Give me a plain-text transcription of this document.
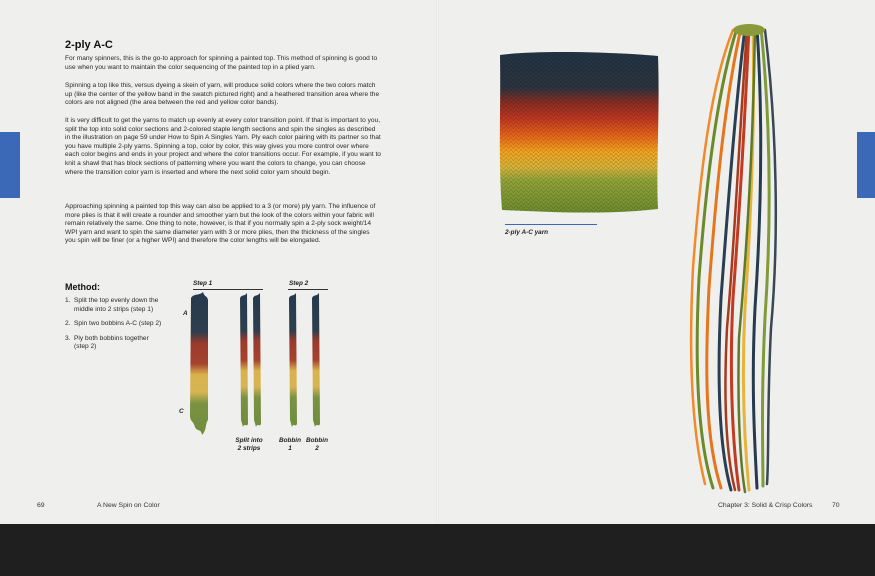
2-ply A-C

For many spinners, this is the go-to approach for spinning a painted top. This method of spinning is good to use when you want to maintain the color sequencing of the painted top in a plied yarn.

Spinning a top like this, versus dyeing a skein of yarn, will produce solid colors where the two colors match up (like the center of the yellow band in the swatch pictured right) and a heathered transition area where the colors are not aligned (the area between the red and yellow color bands).

It is very difficult to get the yarns to match up evenly at every color transition point. If that is important to you, split the top into solid color sections and 2-colored staple length sections and spin the singles as described in the illustration on page 59 under How to Spin A Singles Yarn. Ply each color pairing with its partner so that you have multiple 2-ply yarns. Spinning a top, color by color, this way gives you more control over where each color begins and ends in your project and where the color transitions occur. For example, if you want to knit a shawl that has block sections of patterning where you want the colors to change, you can choose where the transition color yarn is inserted and where the next solid color yarn should begin.

Approaching spinning a painted top this way can also be applied to a 3 (or more) ply yarn. The influence of more plies is that it will create a rounder and smoother yarn but the look of the colors within your fabric will remain relatively the same. One thing to note, however, is that if you normally spin a 2-ply sock weight/14 WPI yarn and want to spin the same diameter yarn with 3 or more plies, then the thickness of the singles you spin will be finer (or a higher WPI) and therefore the color lengths will be elongated.

Method:
1. Split the top evenly down the middle into 2 strips (step 1)
2. Spin two bobbins A-C (step 2)
3. Ply both bobbins together (step 2)
Step 1	Step 2
A
C
Split into
2 strips
Bobbin
1
Bobbin
2
69	A New Spin on Color
2-ply A-C yarn
Chapter 3: Solid & Crisp Colors	70
